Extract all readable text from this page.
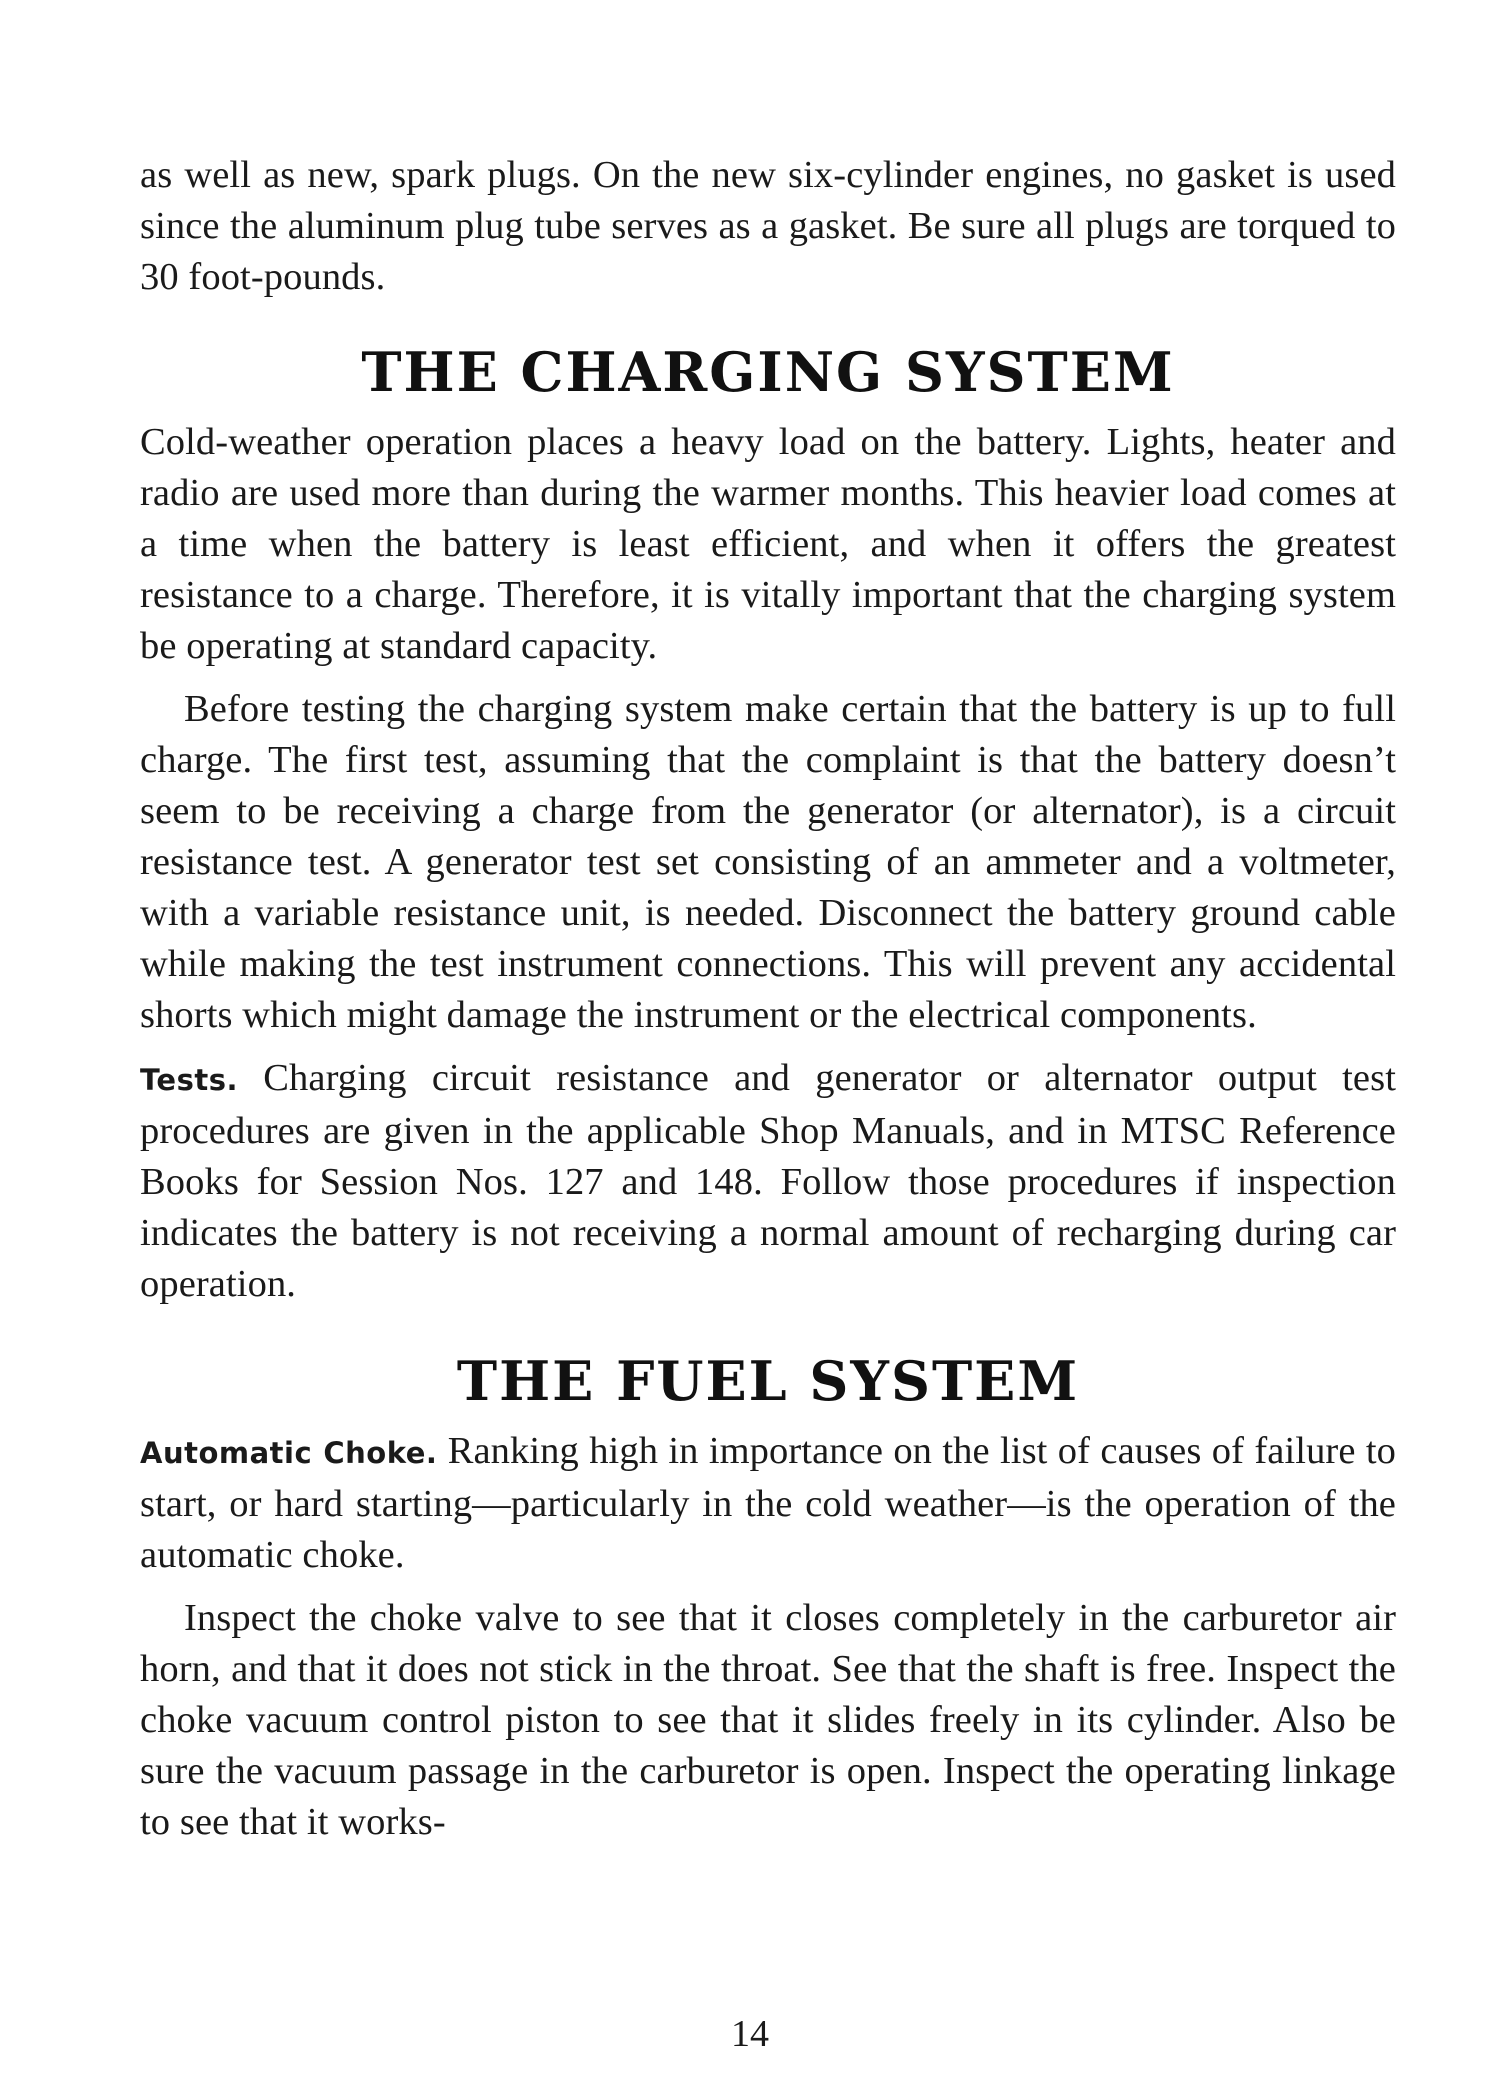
as well as new, spark plugs. On the new six-cylinder engines, no gasket is used since the aluminum plug tube serves as a gasket. Be sure all plugs are torqued to 30 foot-pounds.

THE CHARGING SYSTEM

Cold-weather operation places a heavy load on the battery. Lights, heater and radio are used more than during the warmer months. This heavier load comes at a time when the battery is least efficient, and when it offers the greatest resistance to a charge. Therefore, it is vitally important that the charging system be operating at standard capacity.

Before testing the charging system make certain that the battery is up to full charge. The first test, assuming that the complaint is that the battery doesn’t seem to be receiving a charge from the generator (or alternator), is a circuit resistance test. A generator test set consisting of an ammeter and a voltmeter, with a variable resistance unit, is needed. Disconnect the battery ground cable while making the test instrument connections. This will prevent any accidental shorts which might damage the instrument or the electrical components.

Tests. Charging circuit resistance and generator or alternator output test procedures are given in the applicable Shop Manuals, and in MTSC Reference Books for Session Nos. 127 and 148. Follow those procedures if inspection indicates the battery is not receiving a normal amount of recharging during car operation.

THE FUEL SYSTEM

Automatic Choke. Ranking high in importance on the list of causes of failure to start, or hard starting—particularly in the cold weather—is the operation of the automatic choke.

Inspect the choke valve to see that it closes completely in the carburetor air horn, and that it does not stick in the throat. See that the shaft is free. Inspect the choke vacuum control piston to see that it slides freely in its cylinder. Also be sure the vacuum passage in the carburetor is open. Inspect the operating linkage to see that it works-

14
